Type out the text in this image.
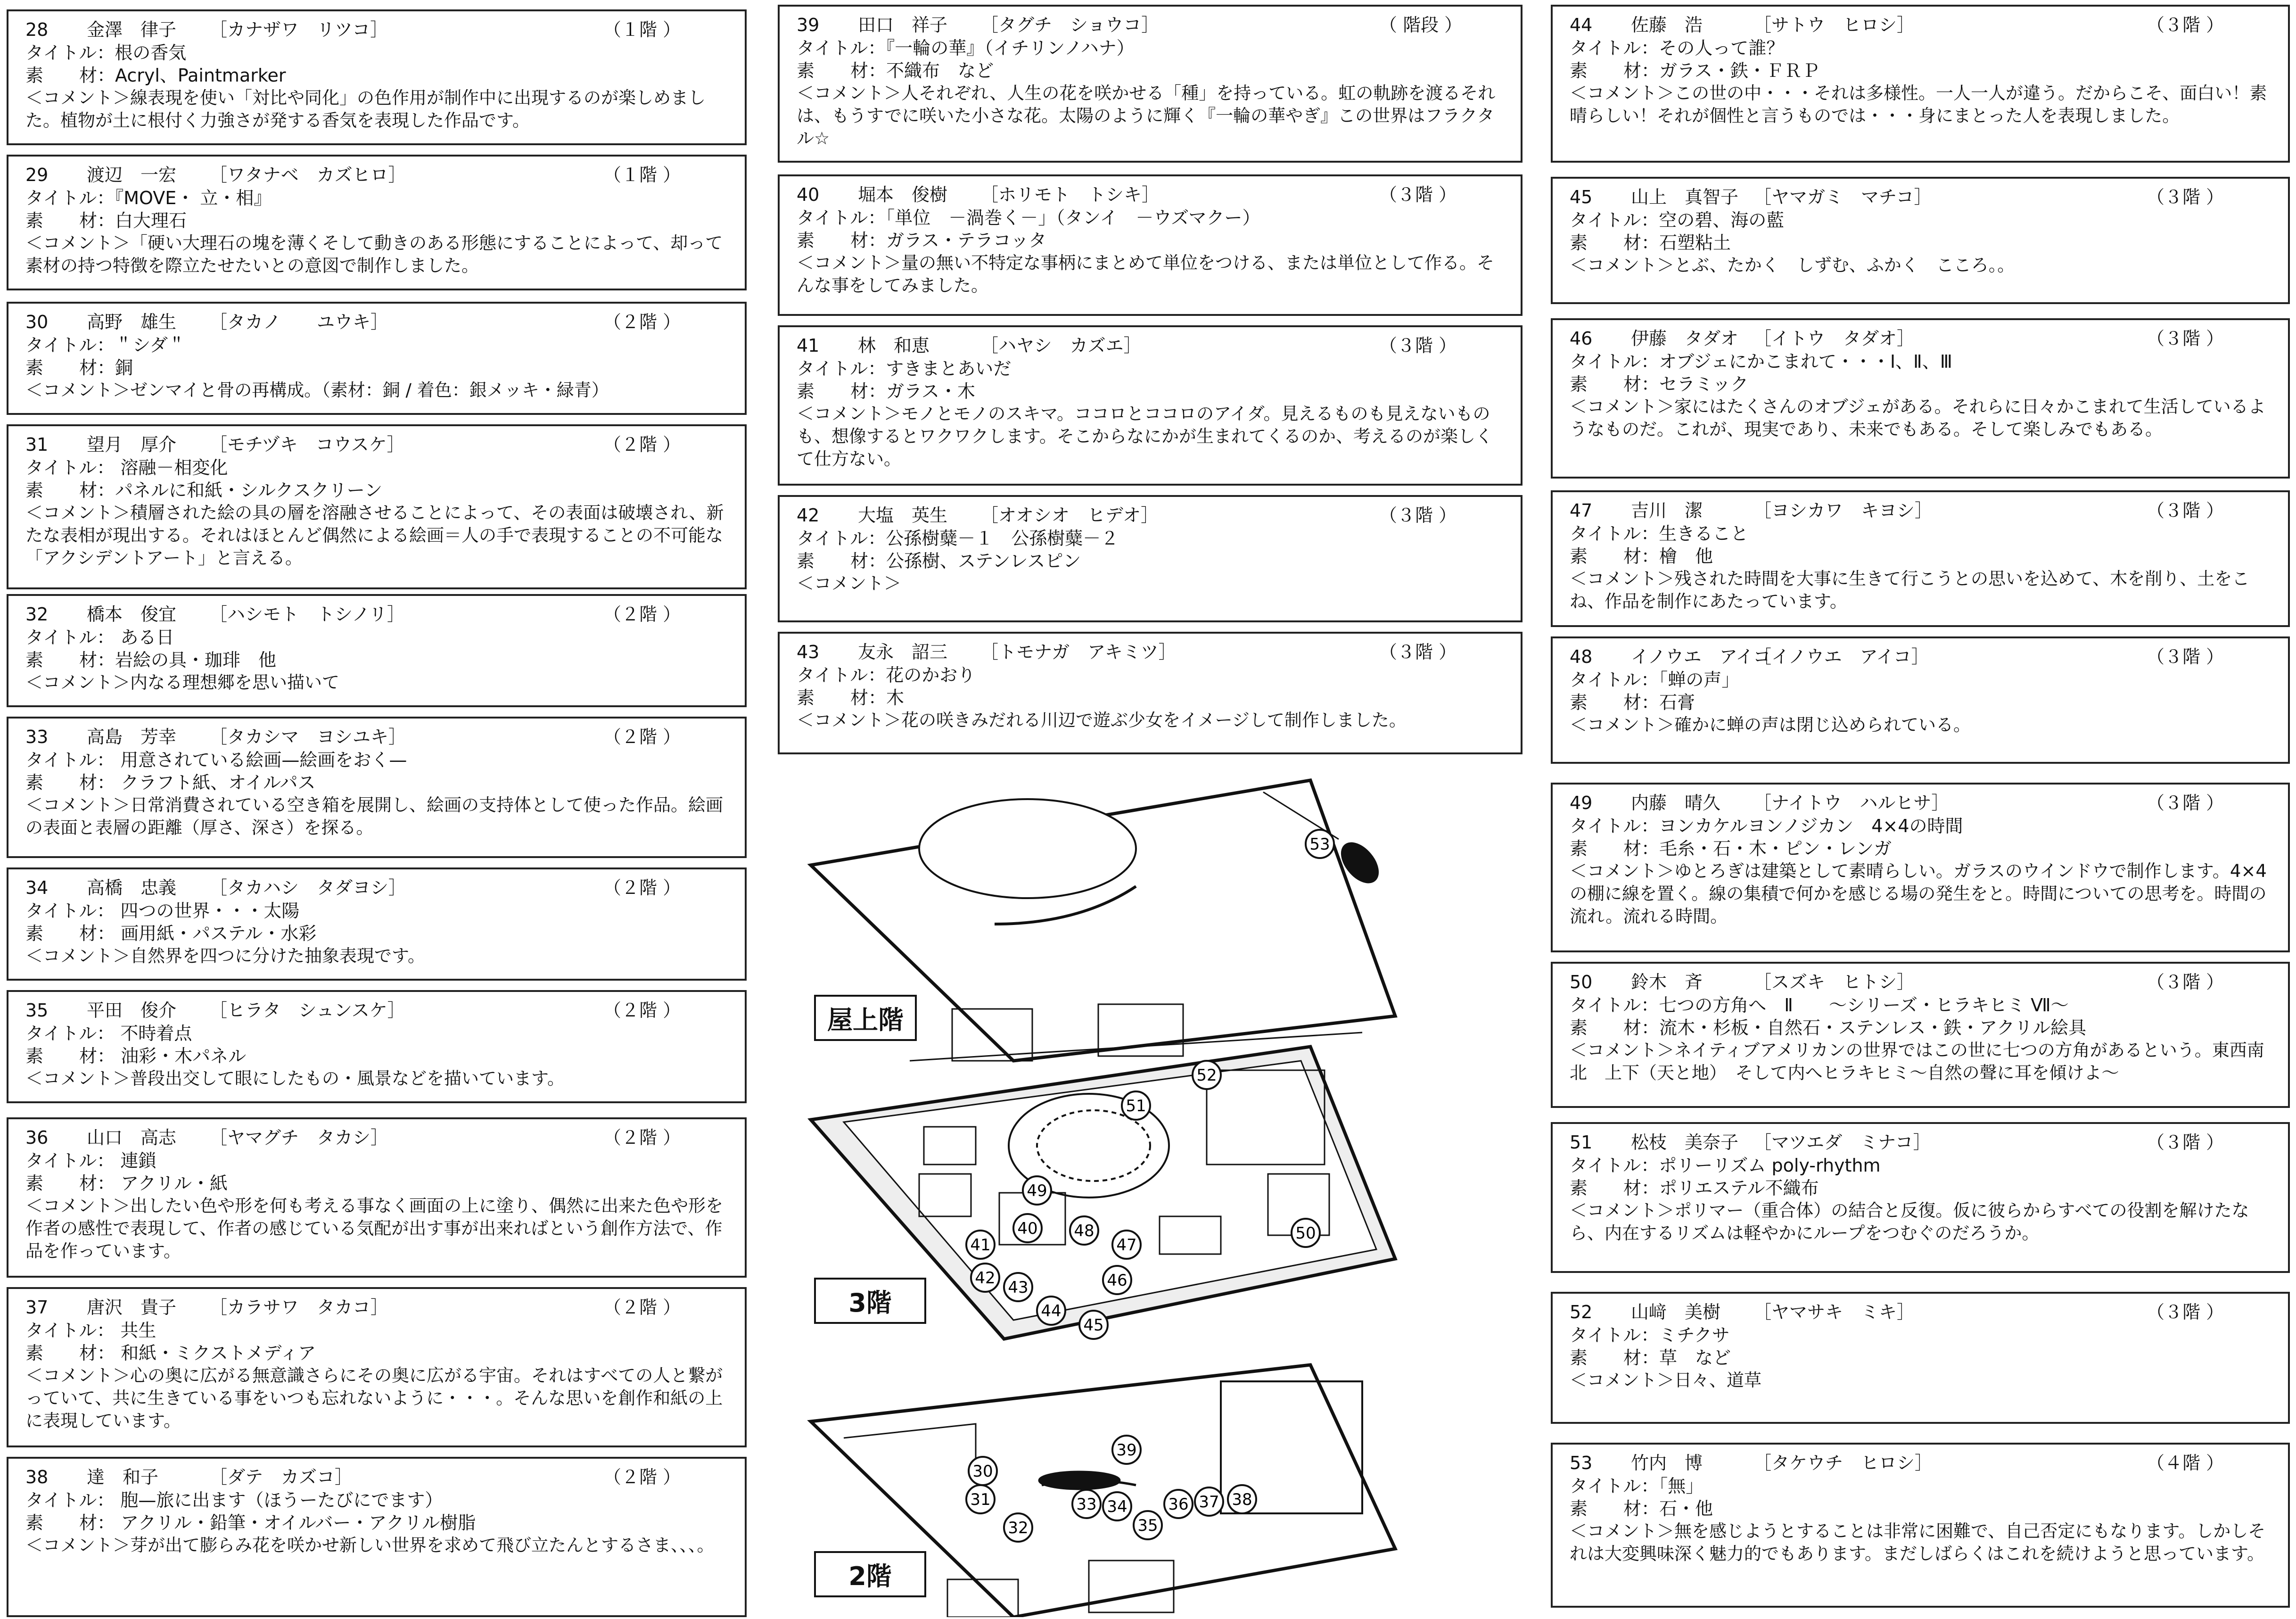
28	金澤　律子	［カナザワ　リツコ］	（１階 ）
タイトル：根の香気
素　　材：Acryl、Paintmarker
＜コメント＞線表現を使い「対比や同化」の色作用が制作中に出現するのが楽しめました。植物が土に根付く力強さが発する香気を表現した作品です。
29	渡辺　一宏	［ワタナベ　カズヒロ］	（１階 ）
タイトル：『MOVE・ 立・相』
素　　材：白大理石
＜コメント＞「硬い大理石の塊を薄くそして動きのある形態にすることによって、却って素材の持つ特徴を際立たせたいとの意図で制作しました。
30	高野　雄生	［タカノ　　ユウキ］	（２階 ）
タイトル：＂シダ＂
素　　材：銅
＜コメント＞ゼンマイと骨の再構成。（素材：銅 / 着色：銀メッキ・緑青）
31	望月　厚介	［モチヅキ　コウスケ］	（２階 ）
タイトル： 溶融－相変化
素　　材：パネルに和紙・シルクスクリーン
＜コメント＞積層された絵の具の層を溶融させることによって、その表面は破壊され、新たな表相が現出する。それはほとんど偶然による絵画＝人の手で表現することの不可能な「アクシデントアート」と言える。
32	橋本　俊宜	［ハシモト　トシノリ］	（２階 ）
タイトル： ある日
素　　材：岩絵の具・珈琲　他
＜コメント＞内なる理想郷を思い描いて
33	高島　芳幸	［タカシマ　ヨシユキ］	（２階 ）
タイトル： 用意されている絵画—絵画をおく—
素　　材： クラフト紙、オイルパス
＜コメント＞日常消費されている空き箱を展開し、絵画の支持体として使った作品。絵画の表面と表層の距離（厚さ、深さ）を探る。
34	高橋　忠義	［タカハシ　タダヨシ］	（２階 ）
タイトル： 四つの世界・・・太陽
素　　材： 画用紙・パステル・水彩
＜コメント＞自然界を四つに分けた抽象表現です。
35	平田　俊介	［ヒラタ　シュンスケ］	（２階 ）
タイトル： 不時着点
素　　材： 油彩・木パネル
＜コメント＞普段出交して眼にしたもの・風景などを描いています。
36	山口　高志	［ヤマグチ　タカシ］	（２階 ）
タイトル： 連鎖
素　　材： アクリル・紙
＜コメント＞出したい色や形を何も考える事なく画面の上に塗り、偶然に出来た色や形を作者の感性で表現して、作者の感じている気配が出す事が出来ればという創作方法で、作品を作っています。
37	唐沢　貴子	［カラサワ　タカコ］	（２階 ）
タイトル： 共生
素　　材： 和紙・ミクストメディア
＜コメント＞心の奥に広がる無意識さらにその奥に広がる宇宙。それはすべての人と繋がっていて、共に生きている事をいつも忘れないように・・・。そんな思いを創作和紙の上に表現しています。
38	達　和子	［ダテ　カズコ］	（２階 ）
タイトル： 胞—旅に出ます（ほうーたびにでます）
素　　材： アクリル・鉛筆・オイルバー・アクリル樹脂
＜コメント＞芽が出て膨らみ花を咲かせ新しい世界を求めて飛び立たんとするさま、、、。
39	田口　祥子	［タグチ　ショウコ］	（ 階段 ）
タイトル：『一輪の華』（イチリンノハナ）
素　　材：不織布　など
＜コメント＞人それぞれ、人生の花を咲かせる「種」を持っている。虹の軌跡を渡るそれは、もうすでに咲いた小さな花。太陽のように輝く『一輪の華やぎ』この世界はフラクタル☆
40	堀本　俊樹	［ホリモト　トシキ］	（３階 ）
タイトル：「単位　－渦巻く－」（タンイ　－ウズマクー）
素　　材：ガラス・テラコッタ
＜コメント＞量の無い不特定な事柄にまとめて単位をつける、または単位として作る。そんな事をしてみました。
41	林　和恵	［ハヤシ　カズエ］	（３階 ）
タイトル：すきまとあいだ
素　　材：ガラス・木
＜コメント＞モノとモノのスキマ。ココロとココロのアイダ。見えるものも見えないものも、想像するとワクワクします。そこからなにかが生まれてくるのか、考えるのが楽しくて仕方ない。
42	大塩　英生	［オオシオ　ヒデオ］	（３階 ）
タイトル：公孫樹糵－１　公孫樹糵－２
素　　材：公孫樹、ステンレスピン
＜コメント＞
43	友永　詔三	［トモナガ　アキミツ］	（３階 ）
タイトル：花のかおり
素　　材：木
＜コメント＞花の咲きみだれる川辺で遊ぶ少女をイメージして制作しました。
44	佐藤　浩	［サトウ　ヒロシ］	（３階 ）
タイトル：その人って誰？
素　　材：ガラス・鉄・ＦＲＰ
＜コメント＞この世の中・・・それは多様性。一人一人が違う。だからこそ、面白い！素晴らしい！それが個性と言うものでは・・・身にまとった人を表現しました。
45	山上　真智子 ［ヤマガミ　マチコ］	（３階 ）
タイトル：空の碧、海の藍
素　　材：石塑粘土
＜コメント＞とぶ、たかく　しずむ、ふかく　こころ。。
46	伊藤　タダオ ［イトウ　タダオ］	（３階 ）
タイトル：オブジェにかこまれて・・・Ⅰ、Ⅱ、Ⅲ
素　　材：セラミック
＜コメント＞家にはたくさんのオブジェがある。それらに日々かこまれて生活しているようなものだ。これが、現実であり、未来でもある。そして楽しみでもある。
47	吉川　潔	［ヨシカワ　キヨシ］	（３階 ）
タイトル：生きること
素　　材：檜　他
＜コメント＞残された時間を大事に生きて行こうとの思いを込めて、木を削り、土をこね、作品を制作にあたっています。
48	イノウエ　アイコ
［イノウエ　アイコ］	（３階 ）
タイトル：「蝉の声」
素　　材：石膏
＜コメント＞確かに蝉の声は閉じ込められている。
49	内藤　晴久	［ナイトウ　ハルヒサ］	（３階 ）
タイトル：ヨンカケルヨンノジカン　4×4の時間
素　　材：毛糸・石・木・ピン・レンガ
＜コメント＞ゆとろぎは建築として素晴らしい。ガラスのウインドウで制作します。4×4の棚に線を置く。線の集積で何かを感じる場の発生をと。時間についての思考を。時間の流れ。流れる時間。
50	鈴木　斉	［スズキ　ヒトシ］	（３階 ）
タイトル：七つの方角へ　Ⅱ　　～シリーズ・ヒラキヒミ Ⅶ～
素　　材：流木・杉板・自然石・ステンレス・鉄・アクリル絵具
＜コメント＞ネイティブアメリカンの世界ではこの世に七つの方角があるという。東西南北　上下（天と地）　そして内へヒラキヒミ～自然の聲に耳を傾けよ～
51	松枝　美奈子 ［マツエダ　ミナコ］	（３階 ）
タイトル：ポリーリズム poly-rhythm
素　　材：ポリエステル不織布
＜コメント＞ポリマー（重合体）の結合と反復。仮に彼らからすべての役割を解けたなら、内在するリズムは軽やかにループをつむぐのだろうか。
52	山﨑　美樹	［ヤマサキ　ミキ］	（３階 ）
タイトル：ミチクサ
素　　材：草　など
＜コメント＞日々、道草
53	竹内　博	［タケウチ　ヒロシ］	（４階 ）
タイトル：「無」
素　　材：石・他
＜コメント＞無を感じようとすることは非常に困難で、自己否定にもなります。しかしそれは大変興味深く魅力的でもあります。まだしばらくはこれを続けようと思っています。
屋上階
3階
2階
53
52
51
49
40 48
47
50
41
42 43	46
44
45
39
30
31
32
33 34
35
36 37 38
